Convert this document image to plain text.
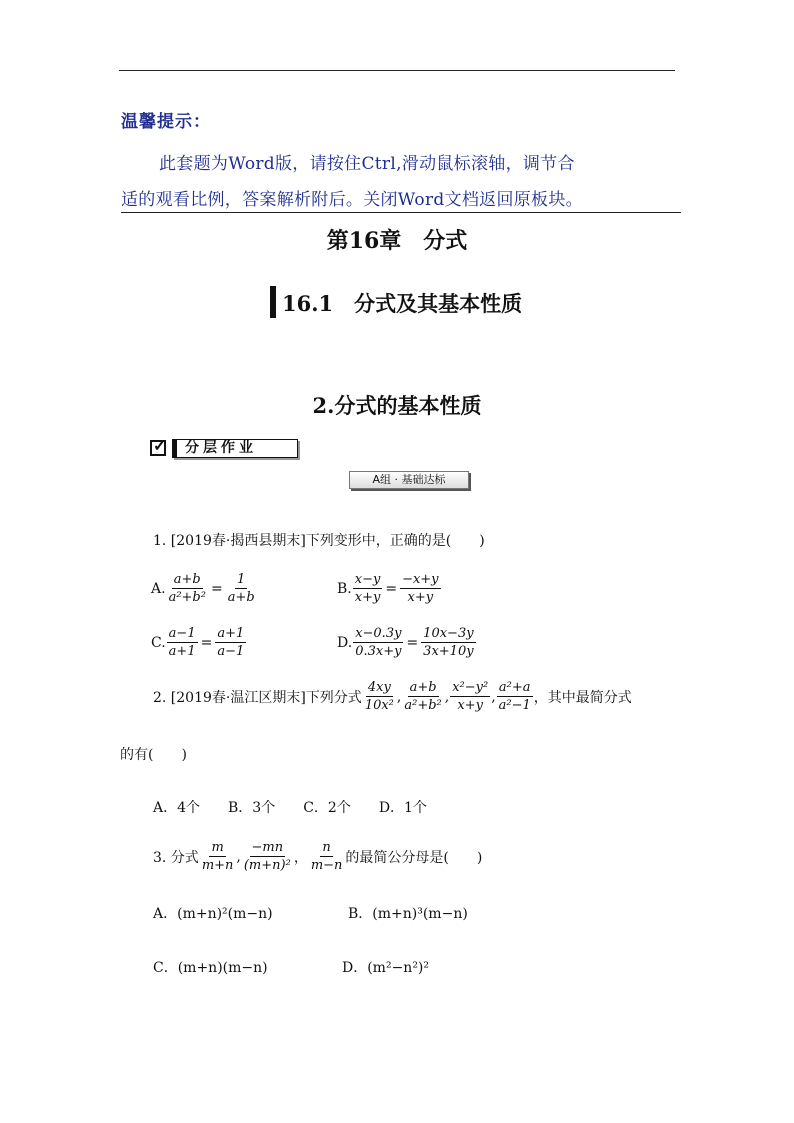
温馨提示：
此套题为Word版，请按住Ctrl,滑动鼠标滚轴，调节合
适的观看比例，答案解析附后。关闭Word文档返回原板块。
第16章　分式
16.1　分式及其基本性质
2.分式的基本性质
✓	分层作业
A组 · 基础达标
1. [2019春·揭西县期末]下列变形中，正确的是(　　)
A. $\frac{a+b}{\text{a²+b²}} = \frac{1}{a+b}$	B. $\frac{x-y}{x+y} = \frac{-x+y}{x+y}$
C. $\frac{a-1}{a+1} = \frac{a+1}{a-1}$	D. $\frac{x-0.3y}{0.3x+y} = \frac{10x-3y}{3x+10y}$
2. [2019春·温江区期末]下列分式 $\frac{4xy}{\text{10x²}}$ , $\frac{a+b}{\text{a²+b²}}$ , $\frac{\text{x²−y²}}{x+y}$ , $\frac{\text{a²+a}}{\text{a²−1}}$ ，其中最简分式
的有(　　)
A．4个　　B．3个　　C．2个　　D．1个
3. 分式 $\frac{m}{m+n}$ , $\frac{-mn}{\text{(m+n)²}}$ ， $\frac{n}{m-n}$ 的最简公分母是(　　)
A．(m+n)²(m−n)	B．(m+n)³(m−n)
C．(m+n)(m−n)	D．(m²−n²)²
